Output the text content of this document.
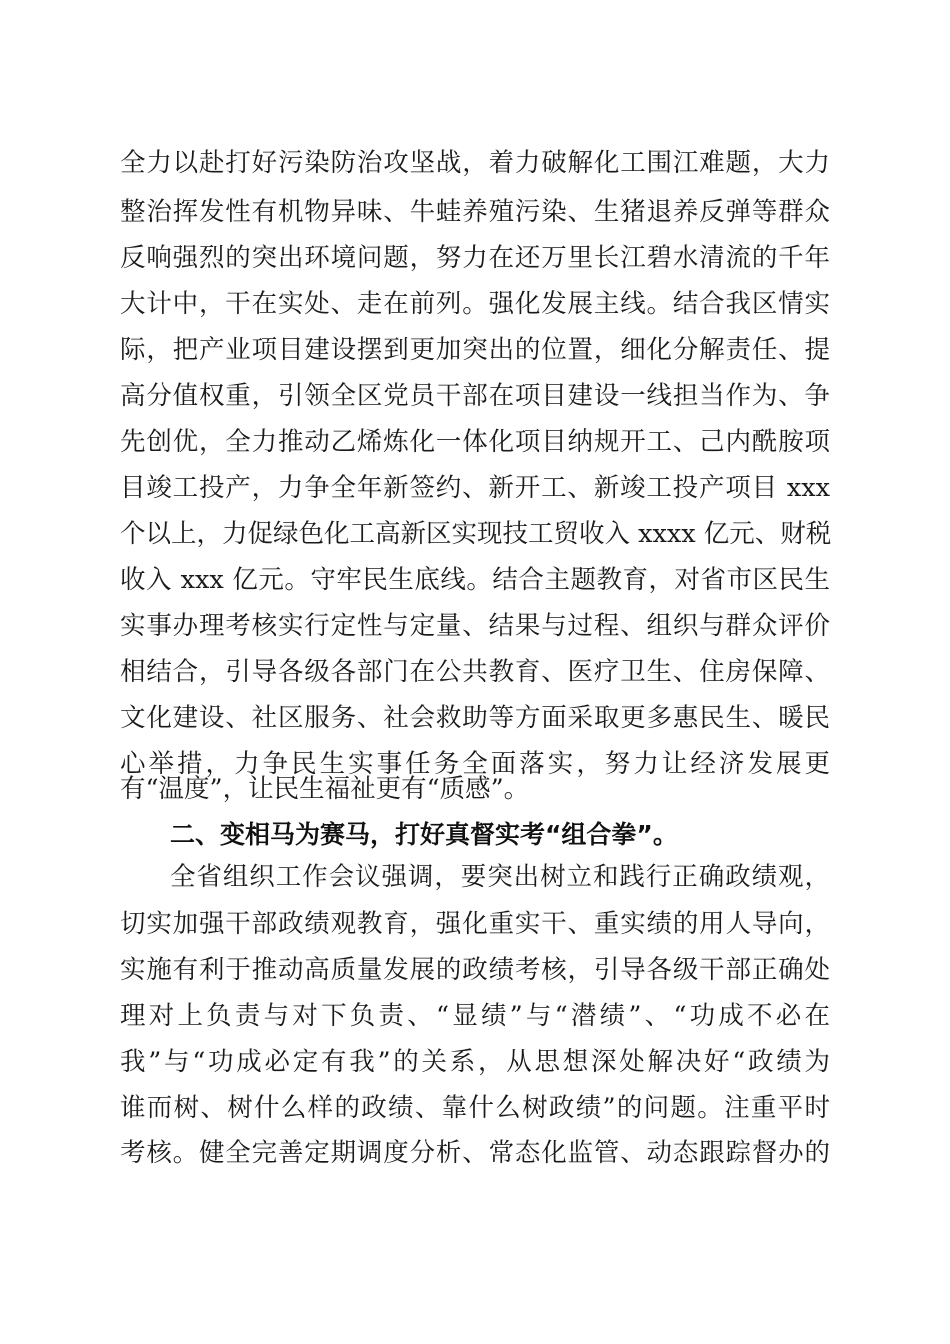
全力以赴打好污染防治攻坚战，着力破解化工围江难题，大力
整治挥发性有机物异味、牛蛙养殖污染、生猪退养反弹等群众
反响强烈的突出环境问题，努力在还万里长江碧水清流的千年
大计中，干在实处、走在前列。强化发展主线。结合我区情实
际，把产业项目建设摆到更加突出的位置，细化分解责任、提
高分值权重，引领全区党员干部在项目建设一线担当作为、争
先创优，全力推动乙烯炼化一体化项目纳规开工、己内酰胺项
目竣工投产，力争全年新签约、新开工、新竣工投产项目 xxx
个以上，力促绿色化工高新区实现技工贸收入 xxxx 亿元、财税
收入 xxx 亿元。守牢民生底线。结合主题教育，对省市区民生
实事办理考核实行定性与定量、结果与过程、组织与群众评价
相结合，引导各级各部门在公共教育、医疗卫生、住房保障、
文化建设、社区服务、社会救助等方面采取更多惠民生、暖民
心举措，力争民生实事任务全面落实，努力让经济发展更
有“温度”，让民生福祉更有“质感”。
二、变相马为赛马，打好真督实考“组合拳”。
全省组织工作会议强调，要突出树立和践行正确政绩观，
切实加强干部政绩观教育，强化重实干、重实绩的用人导向，
实施有利于推动高质量发展的政绩考核，引导各级干部正确处
理对上负责与对下负责、“显绩”与“潜绩”、“功成不必在
我”与“功成必定有我”的关系，从思想深处解决好“政绩为
谁而树、树什么样的政绩、靠什么树政绩”的问题。注重平时
考核。健全完善定期调度分析、常态化监管、动态跟踪督办的
